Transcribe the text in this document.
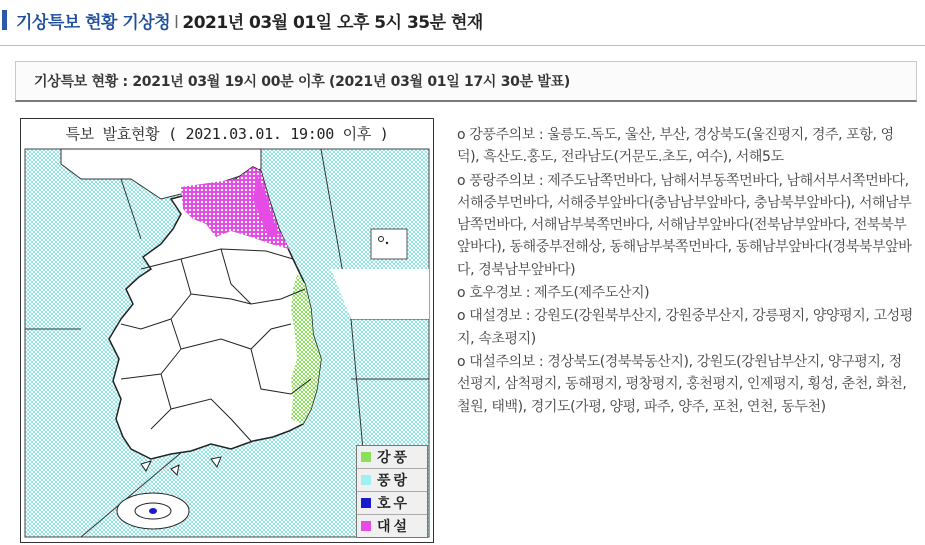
기상특보 현황 기상청 l 2021년 03월 01일 오후 5시 35분 현재
기상특보 현황 : 2021년 03월 19시 00분 이후 (2021년 03월 01일 17시 30분 발표)
특보 발효현황 ( 2021.03.01. 19:00 이후 )
강풍
풍랑
호우
대설

o 강풍주의보 : 울릉도.독도, 울산, 부산, 경상북도(울진평지, 경주, 포항, 영덕), 흑산도.홍도, 전라남도(거문도.초도, 여수), 서해5도

o 풍랑주의보 : 제주도남쪽먼바다, 남해서부동쪽먼바다, 남해서부서쪽먼바다, 서해중부먼바다, 서해중부앞바다(충남남부앞바다, 충남북부앞바다), 서해남부남쪽먼바다, 서해남부북쪽먼바다, 서해남부앞바다(전북남부앞바다, 전북북부앞바다), 동해중부전해상, 동해남부북쪽먼바다, 동해남부앞바다(경북북부앞바다, 경북남부앞바다)

o 호우경보 : 제주도(제주도산지)

o 대설경보 : 강원도(강원북부산지, 강원중부산지, 강릉평지, 양양평지, 고성평지, 속초평지)

o 대설주의보 : 경상북도(경북북동산지), 강원도(강원남부산지, 양구평지, 정선평지, 삼척평지, 동해평지, 평창평지, 홍천평지, 인제평지, 횡성, 춘천, 화천, 철원, 태백), 경기도(가평, 양평, 파주, 양주, 포천, 연천, 동두천)
